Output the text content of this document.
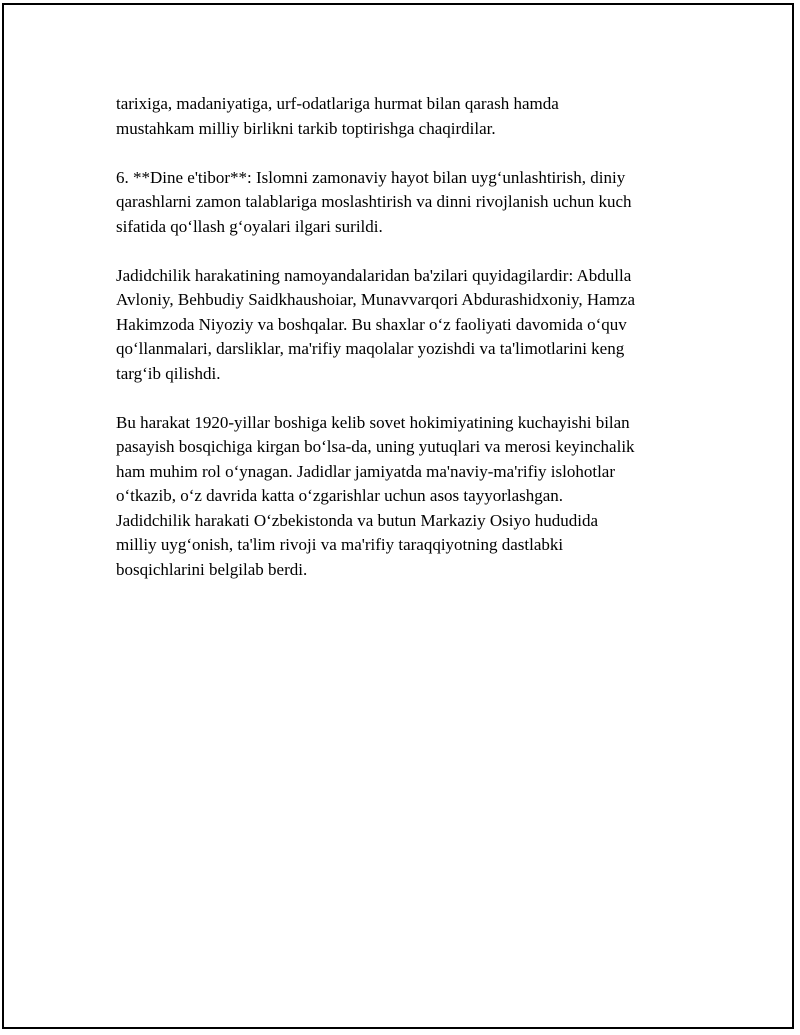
tarixiga, madaniyatiga, urf-odatlariga hurmat bilan qarash hamda
mustahkam milliy birlikni tarkib toptirishga chaqirdilar.

6. **Dine e'tibor**: Islomni zamonaviy hayot bilan uyg‘unlashtirish, diniy
qarashlarni zamon talablariga moslashtirish va dinni rivojlanish uchun kuch
sifatida qo‘llash g‘oyalari ilgari surildi.

Jadidchilik harakatining namoyandalaridan ba'zilari quyidagilardir: Abdulla
Avloniy, Behbudiy Saidkhaushoiar, Munavvarqori Abdurashidxoniy, Hamza
Hakimzoda Niyoziy va boshqalar. Bu shaxlar o‘z faoliyati davomida o‘quv
qo‘llanmalari, darsliklar, ma'rifiy maqolalar yozishdi va ta'limotlarini keng
targ‘ib qilishdi.

Bu harakat 1920-yillar boshiga kelib sovet hokimiyatining kuchayishi bilan
pasayish bosqichiga kirgan bo‘lsa-da, uning yutuqlari va merosi keyinchalik
ham muhim rol o‘ynagan. Jadidlar jamiyatda ma'naviy-ma'rifiy islohotlar
o‘tkazib, o‘z davrida katta o‘zgarishlar uchun asos tayyorlashgan.
Jadidchilik harakati O‘zbekistonda va butun Markaziy Osiyo hududida
milliy uyg‘onish, ta'lim rivoji va ma'rifiy taraqqiyotning dastlabki
bosqichlarini belgilab berdi.
